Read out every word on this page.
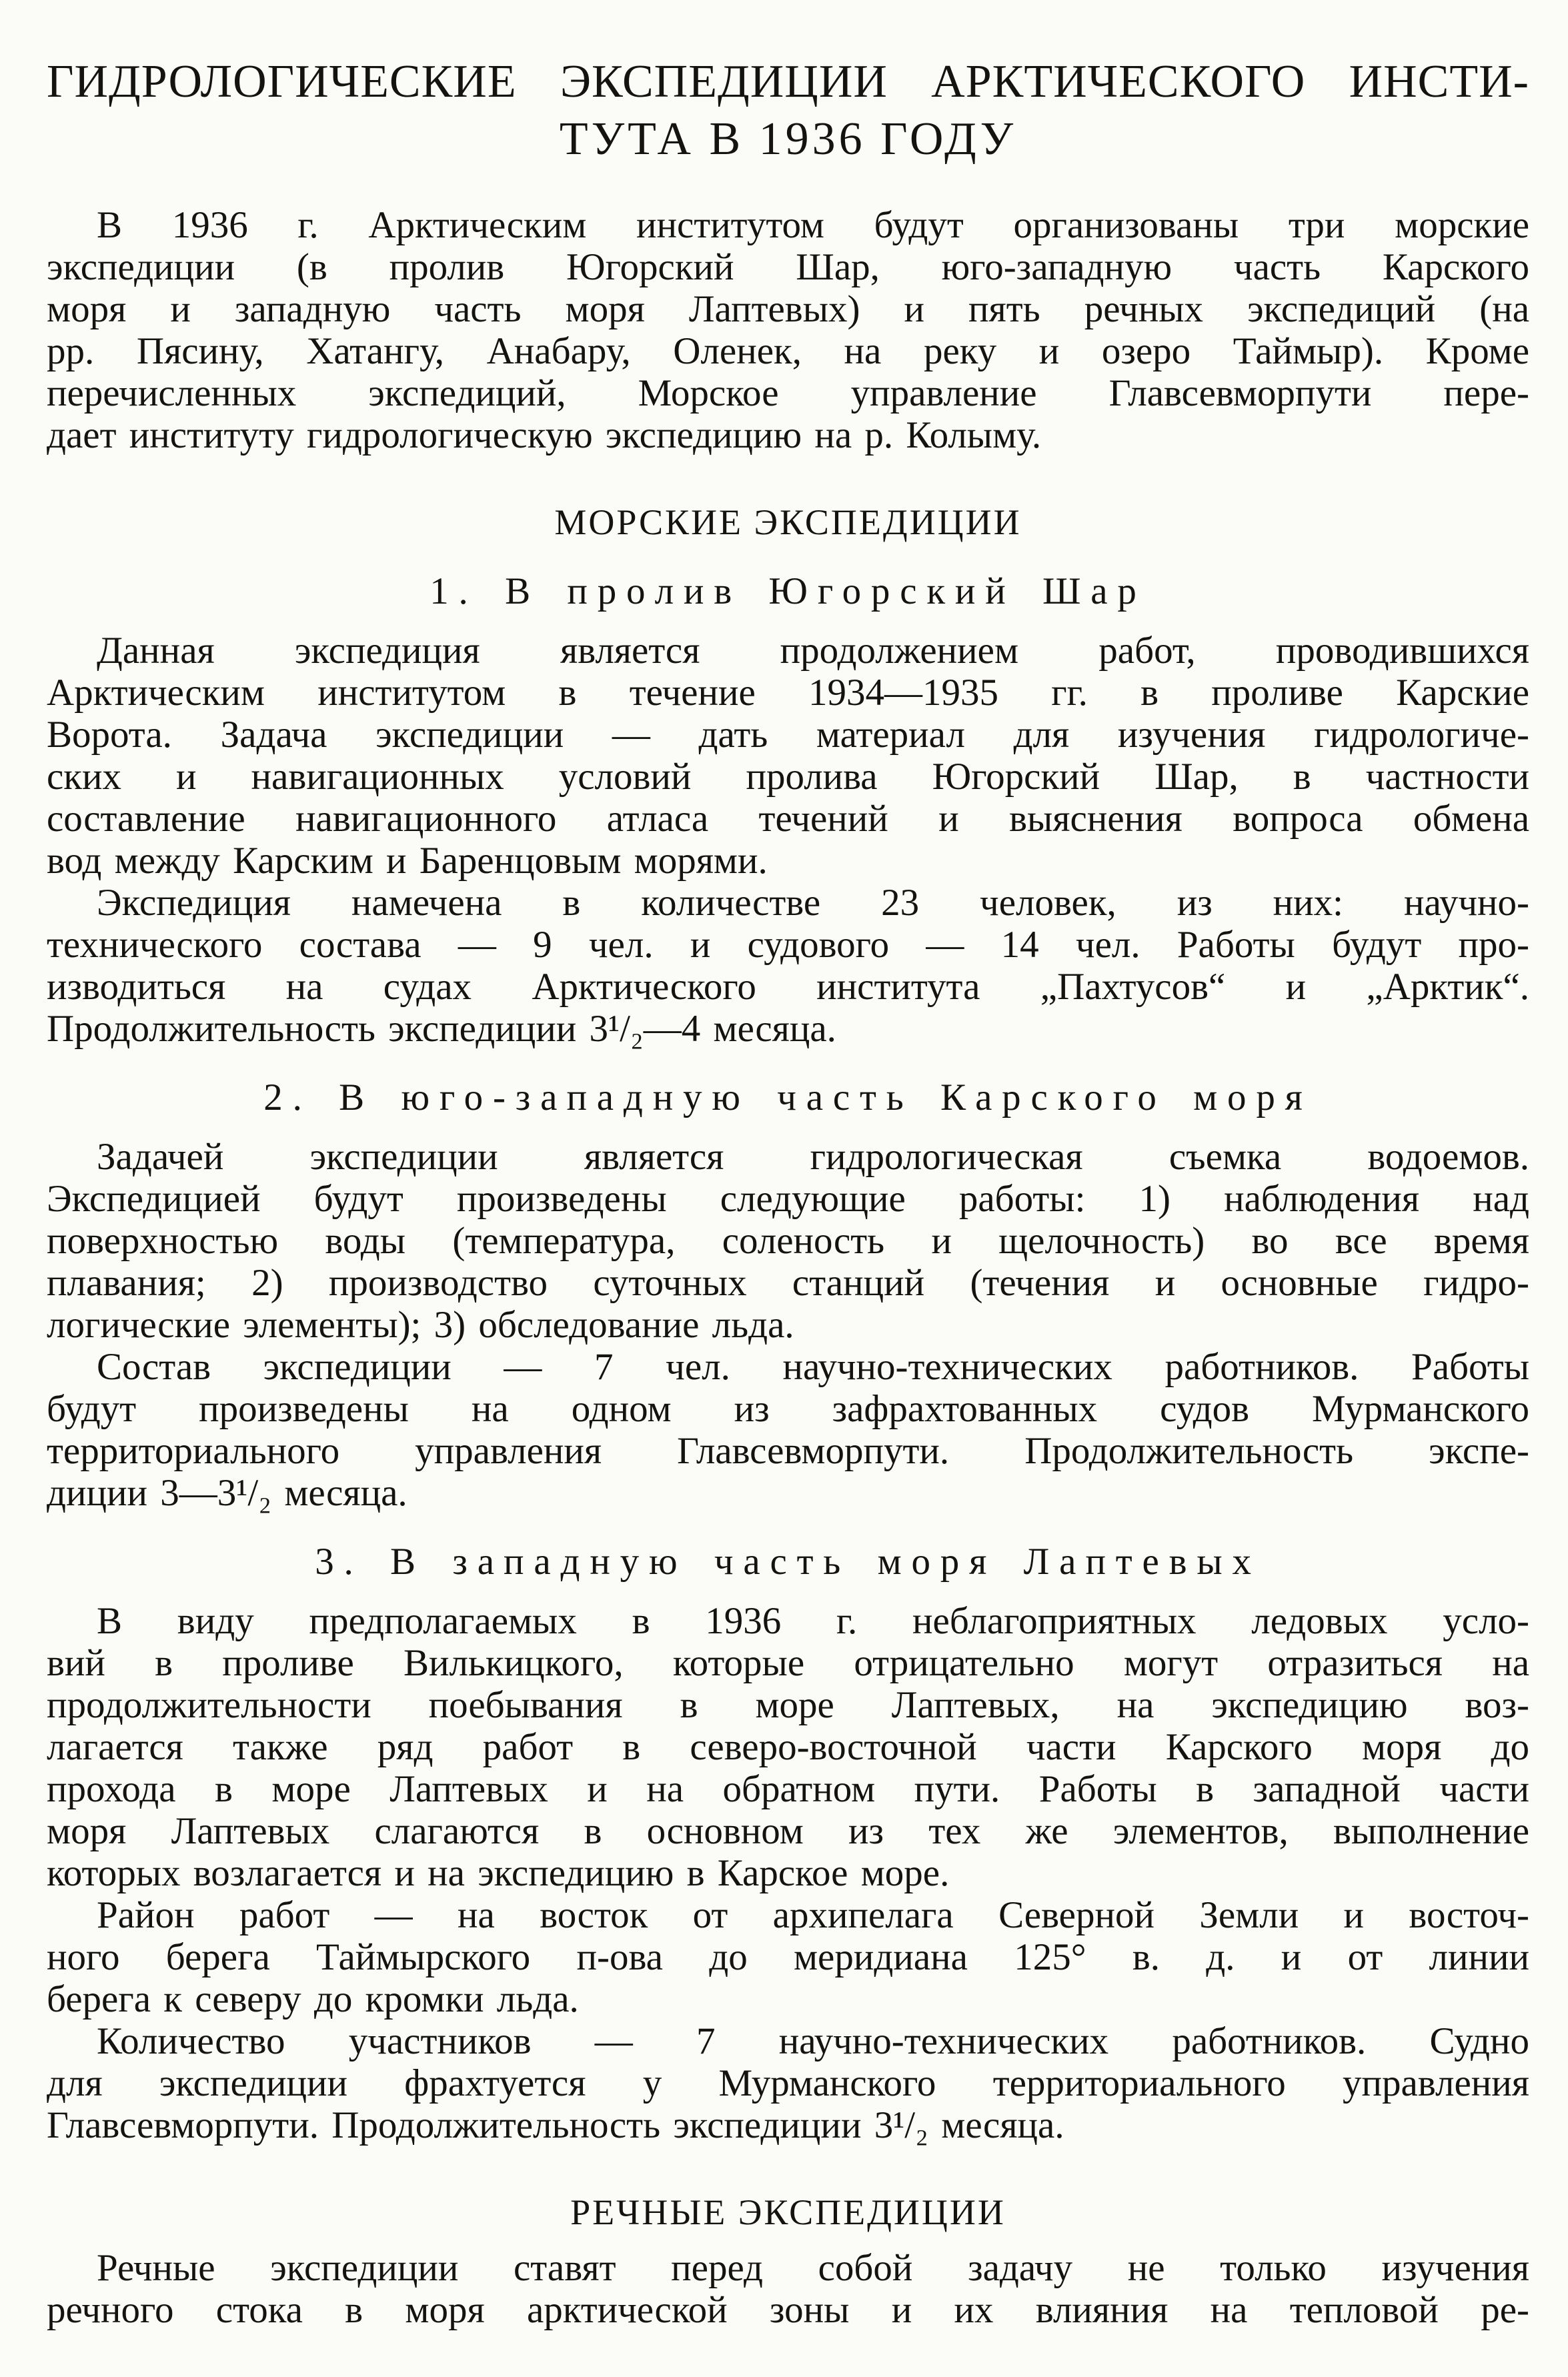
ГИДРОЛОГИЧЕСКИЕ ЭКСПЕДИЦИИ АРКТИЧЕСКОГО ИНСТИ-
ТУТА В 1936 ГОДУ
В 1936 г. Арктическим институтом будут организованы три морские
экспедиции (в пролив Югорский Шар, юго-западную часть Карского
моря и западную часть моря Лаптевых) и пять речных экспедиций (на
рр. Пясину, Хатангу, Анабару, Оленек, на реку и озеро Таймыр). Кроме
перечисленных экспедиций, Морское управление Главсевморпути пере-
дает институту гидрологическую экспедицию на р. Колыму.
МОРСКИЕ ЭКСПЕДИЦИИ
1. В пролив Югорский Шар
Данная экспедиция является продолжением работ, проводившихся
Арктическим институтом в течение 1934—1935 гг. в проливе Карские
Ворота. Задача экспедиции — дать материал для изучения гидрологиче-
ских и навигационных условий пролива Югорский Шар, в частности
составление навигационного атласа течений и выяснения вопроса обмена
вод между Карским и Баренцовым морями.
Экспедиция намечена в количестве 23 человек, из них: научно-
технического состава — 9 чел. и судового — 14 чел. Работы будут про-
изводиться на судах Арктического института „Пахтусов“ и „Арктик“.
Продолжительность экспедиции 3¹/₂—4 месяца.
2. В юго-западную часть Карского моря
Задачей экспедиции является гидрологическая съемка водоемов.
Экспедицией будут произведены следующие работы: 1) наблюдения над
поверхностью воды (температура, соленость и щелочность) во все время
плавания; 2) производство суточных станций (течения и основные гидро-
логические элементы); 3) обследование льда.
Состав экспедиции — 7 чел. научно-технических работников. Работы
будут произведены на одном из зафрахтованных судов Мурманского
территориального управления Главсевморпути. Продолжительность экспе-
диции 3—3¹/₂ месяца.
3. В западную часть моря Лаптевых
В виду предполагаемых в 1936 г. неблагоприятных ледовых усло-
вий в проливе Вилькицкого, которые отрицательно могут отразиться на
продолжительности поебывания в море Лаптевых, на экспедицию воз-
лагается также ряд работ в северо-восточной части Карского моря до
прохода в море Лаптевых и на обратном пути. Работы в западной части
моря Лаптевых слагаются в основном из тех же элементов, выполнение
которых возлагается и на экспедицию в Карское море.
Район работ — на восток от архипелага Северной Земли и восточ-
ного берега Таймырского п-ова до меридиана 125° в. д. и от линии
берега к северу до кромки льда.
Количество участников — 7 научно-технических работников. Судно
для экспедиции фрахтуется у Мурманского территориального управления
Главсевморпути. Продолжительность экспедиции 3¹/₂ месяца.
РЕЧНЫЕ ЭКСПЕДИЦИИ
Речные экспедиции ставят перед собой задачу не только изучения
речного стока в моря арктической зоны и их влияния на тепловой ре-
